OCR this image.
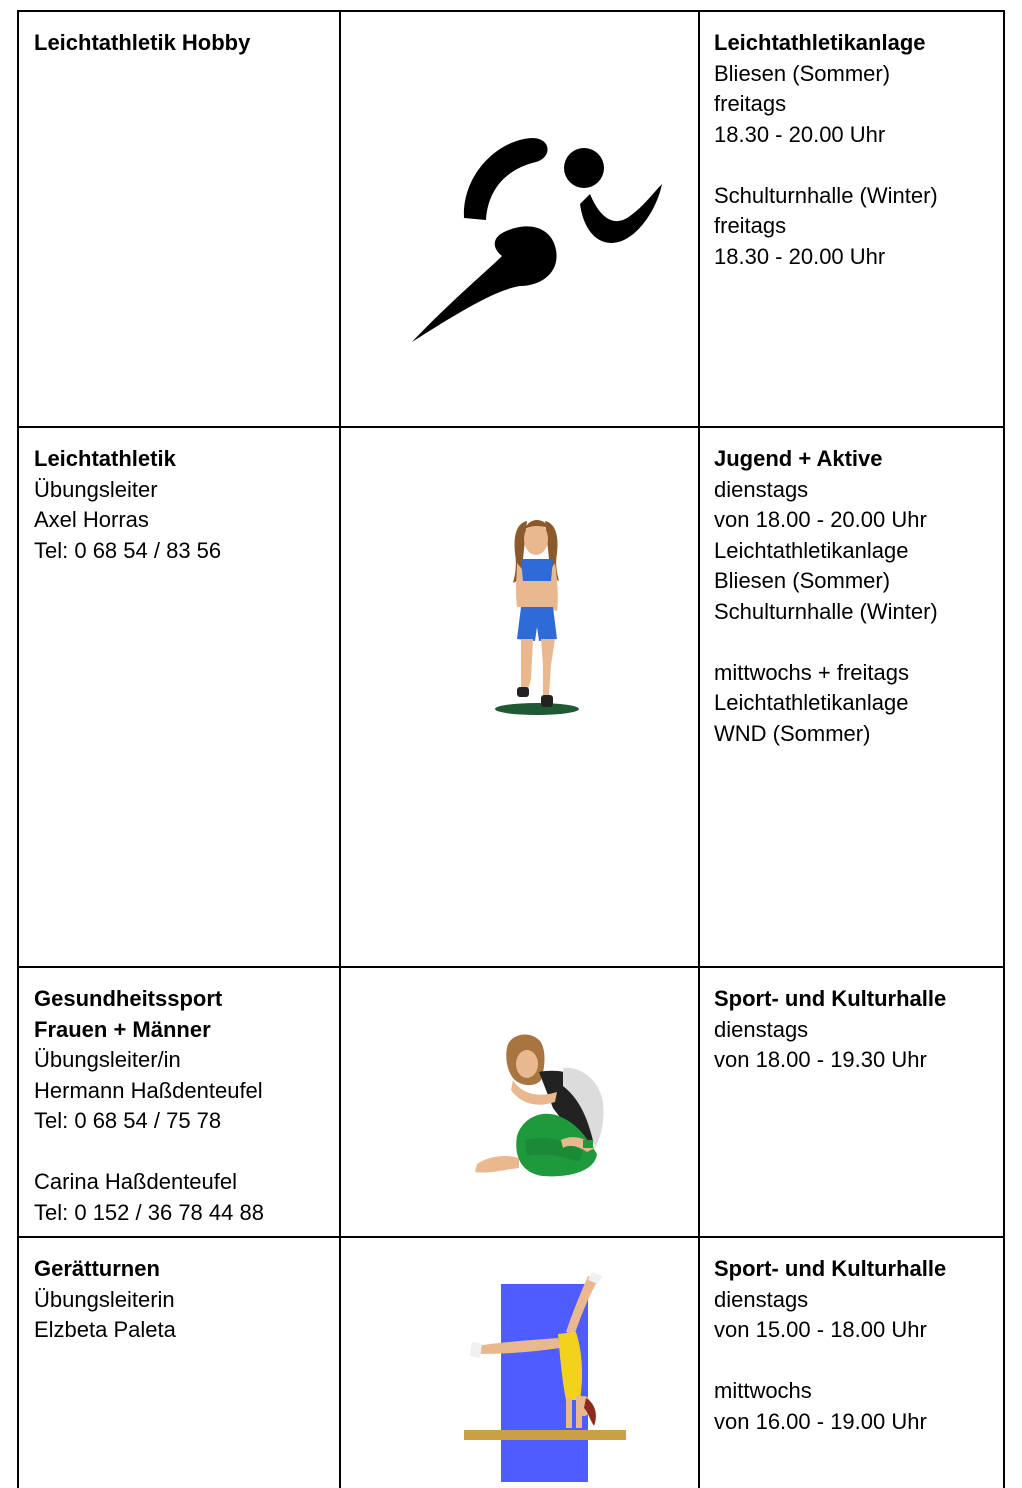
Leichtathletik Hobby	Leichtathletikanlage
Bliesen (Sommer)
freitags
18.30 - 20.00 Uhr
Schulturnhalle (Winter)
freitags
18.30 - 20.00 Uhr
Leichtathletik
Übungsleiter
Axel Horras
Tel: 0 68 54 / 83 56
Jugend + Aktive
dienstags
von 18.00 - 20.00 Uhr
Leichtathletikanlage
Bliesen (Sommer)
Schulturnhalle (Winter)
mittwochs + freitags
Leichtathletikanlage
WND (Sommer)
Gesundheitssport
Frauen + Männer
Übungsleiter/in
Hermann Haßdenteufel
Tel: 0 68 54 / 75 78
Carina Haßdenteufel
Tel: 0 152 / 36 78 44 88
Sport- und Kulturhalle
dienstags
von 18.00 - 19.30 Uhr
Gerätturnen
Übungsleiterin
Elzbeta Paleta
Sport- und Kulturhalle
dienstags
von 15.00 - 18.00 Uhr
mittwochs
von 16.00 - 19.00 Uhr
